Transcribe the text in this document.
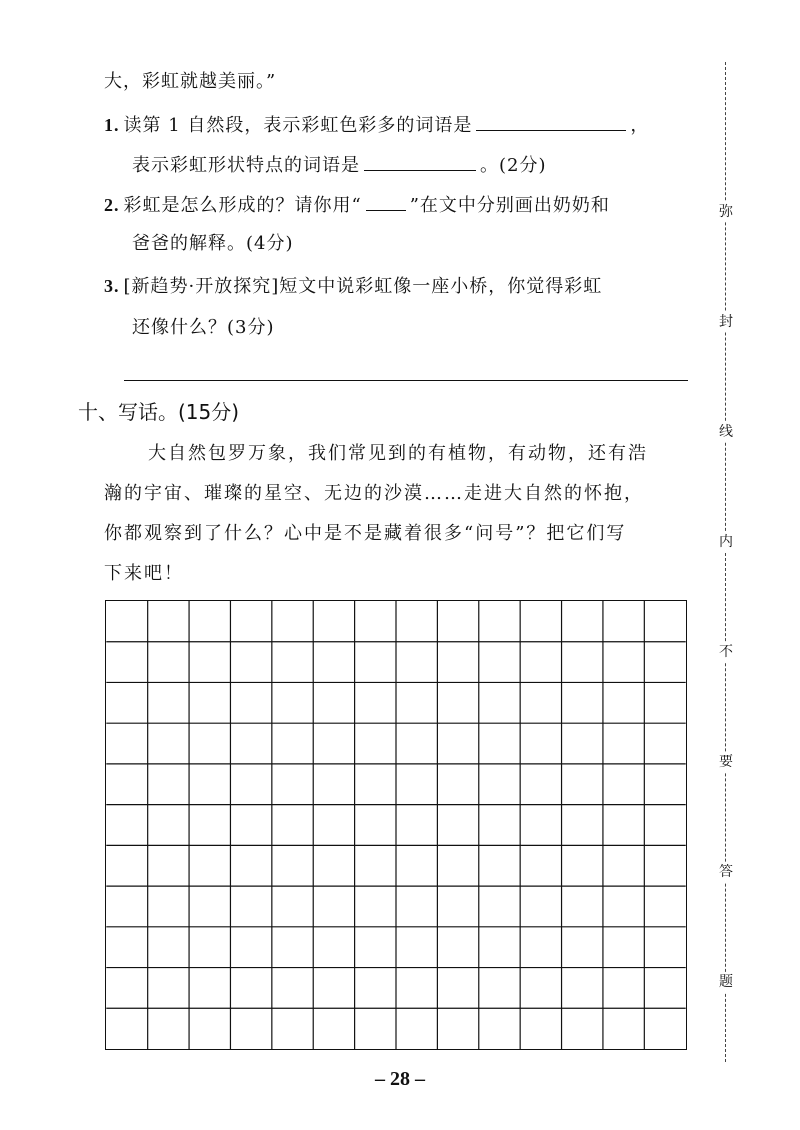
大，彩虹就越美丽。”
1. 读第 1 自然段，表示彩虹色彩多的词语是	，
表示彩虹形状特点的词语是	。(2分)
2. 彩虹是怎么形成的？请你用“	”在文中分别画出奶奶和
爸爸的解释。(4分)
3. [新趋势·开放探究]短文中说彩虹像一座小桥，你觉得彩虹
还像什么？(3分)
十、写话。(15分)
大自然包罗万象，我们常见到的有植物，有动物，还有浩
瀚的宇宙、璀璨的星空、无边的沙漠……走进大自然的怀抱，
你都观察到了什么？心中是不是藏着很多“问号”？把它们写
下来吧！
弥
封
线
内
不
要
答
题
– 28 –
